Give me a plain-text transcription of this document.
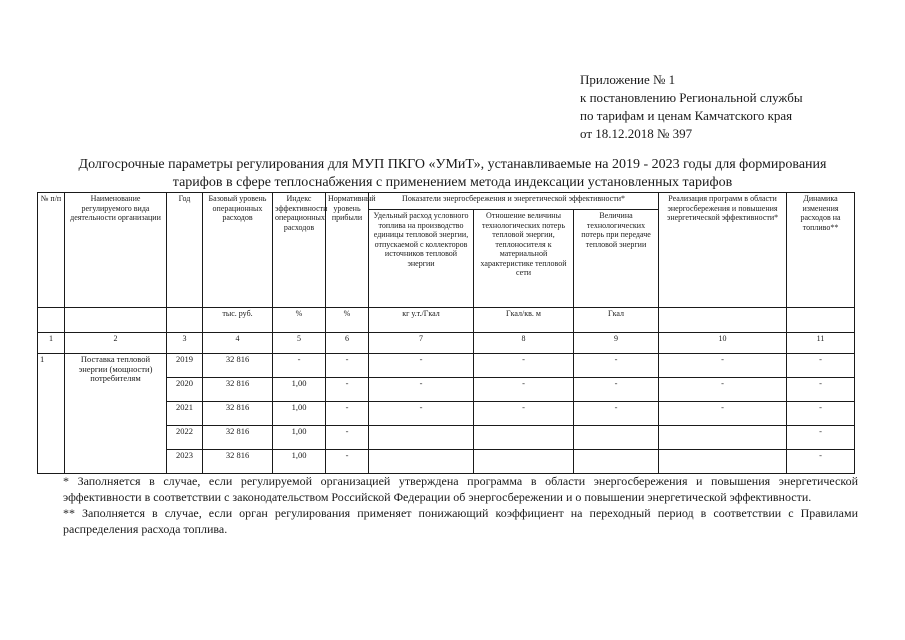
Приложение № 1
к постановлению Региональной службы
по тарифам и ценам Камчатского края
от 18.12.2018 № 397
Долгосрочные параметры регулирования для МУП ПКГО «УМиТ», устанавливаемые на 2019 - 2023 годы для формирования
тарифов в сфере теплоснабжения с применением метода индексации установленных тарифов
№ п/п	Наименование регулируемого вида деятельности организации	Год	Базовый уровень операционных расходов	Индекс эффективности операционных расходов	Нормативный уровень прибыли	Показатели энергосбережения и энергетической эффективности*			Реализация программ в области энергосбережения и повышения энергетической эффективности*	Динамика изменения расходов на топливо**
						Удельный расход условного топлива на производство единицы тепловой энергии, отпускаемой с коллекторов источников тепловой энергии	Отношение величины технологических потерь тепловой энергии, теплоносителя к материальной характеристике тепловой сети	Величина технологических потерь при передаче тепловой энергии		
			тыс. руб.	%	%	кг у.т./Гкал	Гкал/кв. м	Гкал		
1	2	3	4	5	6	7	8	9	10	11
1	Поставка тепловой энергии (мощности) потребителям	2019	32 816	-	-	-	-	-	-	-
		2020	32 816	1,00	-	-	-	-	-	-
		2021	32 816	1,00	-	-	-	-	-	-
		2022	32 816	1,00	-					-
		2023	32 816	1,00	-					-

* Заполняется в случае, если регулируемой организацией утверждена программа в области энергосбережения и повышения энергетической эффективности в соответствии с законодательством Российской Федерации об энергосбережении и о повышении энергетической эффективности.

** Заполняется в случае, если орган регулирования применяет понижающий коэффициент на переходный период в соответствии с Правилами распределения расхода топлива.
